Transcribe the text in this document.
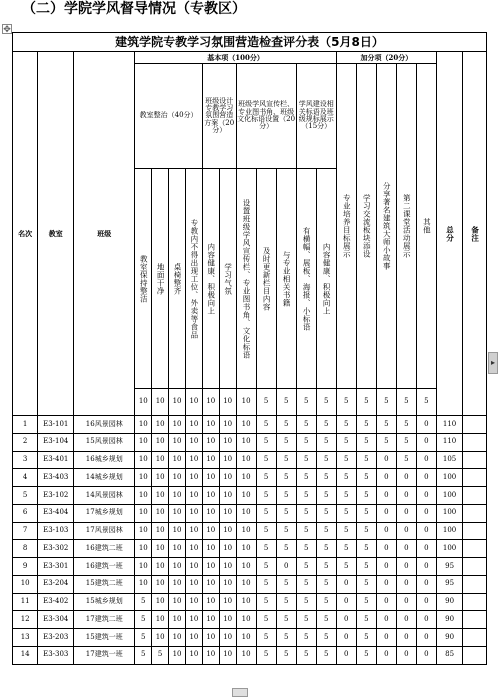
（二）学院学风督导情况（专教区）
✥
▸
建筑学院专教学习氛围营造检查评分表（5月8日）																				
名次	教室	班级	基本项（100分）											加分项（20分）					总分	备注

			教室整治（40分）				班级设计专教学习氛围营造方案（20分）		班级学风宣传栏、专业图书角、班级文化标语设置（20分）			学风建设相关标语及班级规标展示（15分）		专业培养目标展示	学习交流板块添设	分享著名建筑大师小故事	第二课堂活动展示	其他		

			教室保持整洁	地面干净	桌椅整齐	专教内不得出现工位、外卖等食品	内容健康、积极向上	学习气氛	设置班级学风宣传栏、专业图书角、文化标语	及时更新栏目内容	与专业相关书籍	有横幅、展板、海报、小标语	内容健康、积极向上							

			10	10	10	10	10	10	10	5	5	5	5	5	5	5	5	5		
1	E3-101	16风景园林	10	10	10	10	10	10	10	5	5	5	5	5	5	5	5	0	110	
2	E3-104	15风景园林	10	10	10	10	10	10	10	5	5	5	5	5	5	5	5	0	110	
3	E3-401	16城乡规划	10	10	10	10	10	10	10	5	5	5	5	5	5	0	5	0	105	
4	E3-403	14城乡规划	10	10	10	10	10	10	10	5	5	5	5	5	5	0	0	0	100	
5	E3-102	14风景园林	10	10	10	10	10	10	10	5	5	5	5	5	5	0	0	0	100	
6	E3-404	17城乡规划	10	10	10	10	10	10	10	5	5	5	5	5	5	0	0	0	100	
7	E3-103	17风景园林	10	10	10	10	10	10	10	5	5	5	5	5	5	0	0	0	100	
8	E3-302	16建筑二班	10	10	10	10	10	10	10	5	5	5	5	5	5	0	0	0	100	
9	E3-301	16建筑一班	10	10	10	10	10	10	10	5	0	5	5	5	5	0	0	0	95	
10	E3-204	15建筑二班	10	10	10	10	10	10	10	5	5	5	5	0	5	0	0	0	95	
11	E3-402	15城乡规划	5	10	10	10	10	10	10	5	5	5	5	0	5	0	0	0	90	
12	E3-304	17建筑二班	5	10	10	10	10	10	10	5	5	5	5	0	5	0	0	0	90	
13	E3-203	15建筑一班	5	10	10	10	10	10	10	5	5	5	5	0	5	0	0	0	90	
14	E3-303	17建筑一班	5	5	10	10	10	10	10	5	5	5	5	0	5	0	0	0	85	
